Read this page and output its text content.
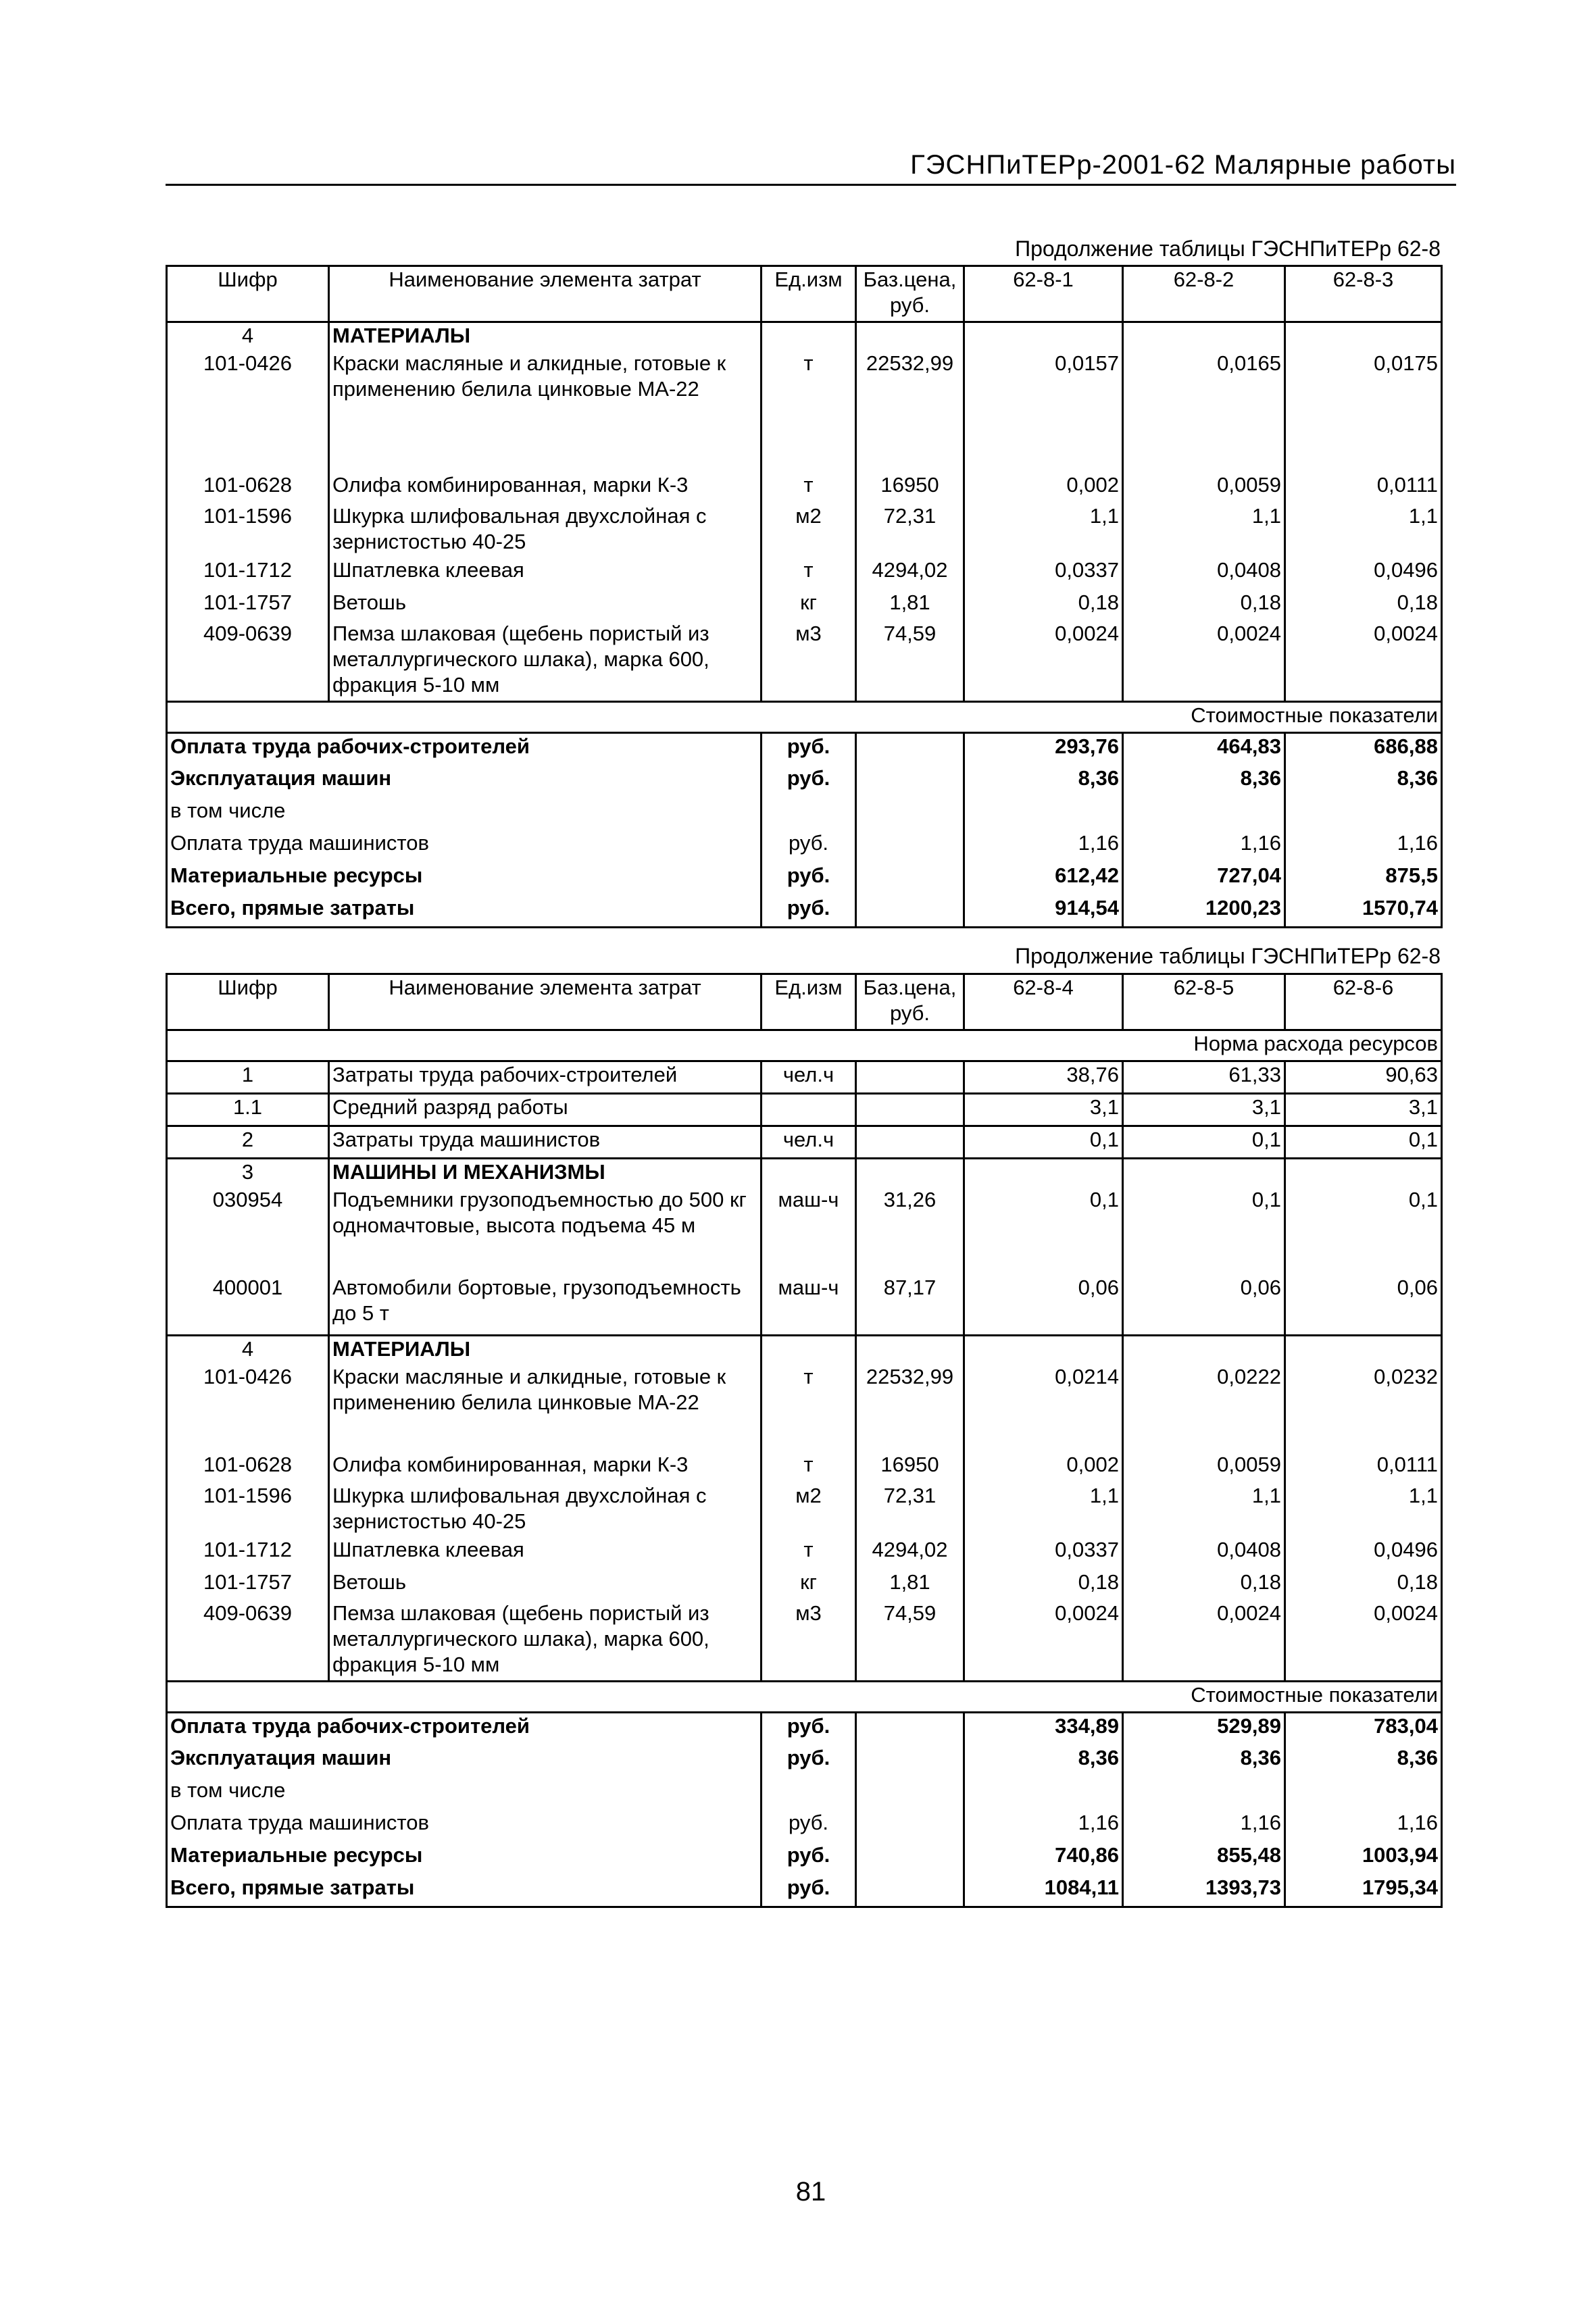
ГЭСНПиТЕРр-2001-62 Малярные работы
Продолжение таблицы ГЭСНПиТЕРр 62-8
Шифр	Наименование элемента затрат	Ед.изм	Баз.цена, руб.	62-8-1	62-8-2	62-8-3
4	МАТЕРИАЛЫ					
101-0426	Краски масляные и алкидные, готовые к применению белила цинковые МА-22	т	22532,99	0,0157	0,0165	0,0175
101-0628	Олифа комбинированная, марки К-3	т	16950	0,002	0,0059	0,0111
101-1596	Шкурка шлифовальная двухслойная с зернистостью 40-25	м2	72,31	1,1	1,1	1,1
101-1712	Шпатлевка клеевая	т	4294,02	0,0337	0,0408	0,0496
101-1757	Ветошь	кг	1,81	0,18	0,18	0,18
409-0639	Пемза шлаковая (щебень пористый из металлургического шлака), марка 600, фракция 5-10 мм	м3	74,59	0,0024	0,0024	0,0024
Стоимостные показатели						
Оплата труда рабочих-строителей		руб.		293,76	464,83	686,88
Эксплуатация машин		руб.		8,36	8,36	8,36
в том числе						
Оплата труда машинистов		руб.		1,16	1,16	1,16
Материальные ресурсы		руб.		612,42	727,04	875,5
Всего, прямые затраты		руб.		914,54	1200,23	1570,74
Продолжение таблицы ГЭСНПиТЕРр 62-8
Шифр	Наименование элемента затрат	Ед.изм	Баз.цена, руб.	62-8-4	62-8-5	62-8-6
Норма расхода ресурсов						
1	Затраты труда рабочих-строителей	чел.ч		38,76	61,33	90,63
1.1	Средний разряд работы			3,1	3,1	3,1
2	Затраты труда машинистов	чел.ч		0,1	0,1	0,1
3	МАШИНЫ И МЕХАНИЗМЫ					
030954	Подъемники грузоподъемностью до 500 кг одномачтовые, высота подъема 45 м	маш-ч	31,26	0,1	0,1	0,1
400001	Автомобили бортовые, грузоподъемность до 5 т	маш-ч	87,17	0,06	0,06	0,06
4	МАТЕРИАЛЫ					
101-0426	Краски масляные и алкидные, готовые к применению белила цинковые МА-22	т	22532,99	0,0214	0,0222	0,0232
101-0628	Олифа комбинированная, марки К-3	т	16950	0,002	0,0059	0,0111
101-1596	Шкурка шлифовальная двухслойная с зернистостью 40-25	м2	72,31	1,1	1,1	1,1
101-1712	Шпатлевка клеевая	т	4294,02	0,0337	0,0408	0,0496
101-1757	Ветошь	кг	1,81	0,18	0,18	0,18
409-0639	Пемза шлаковая (щебень пористый из металлургического шлака), марка 600, фракция 5-10 мм	м3	74,59	0,0024	0,0024	0,0024
Стоимостные показатели						
Оплата труда рабочих-строителей		руб.		334,89	529,89	783,04
Эксплуатация машин		руб.		8,36	8,36	8,36
в том числе						
Оплата труда машинистов		руб.		1,16	1,16	1,16
Материальные ресурсы		руб.		740,86	855,48	1003,94
Всего, прямые затраты		руб.		1084,11	1393,73	1795,34
81
